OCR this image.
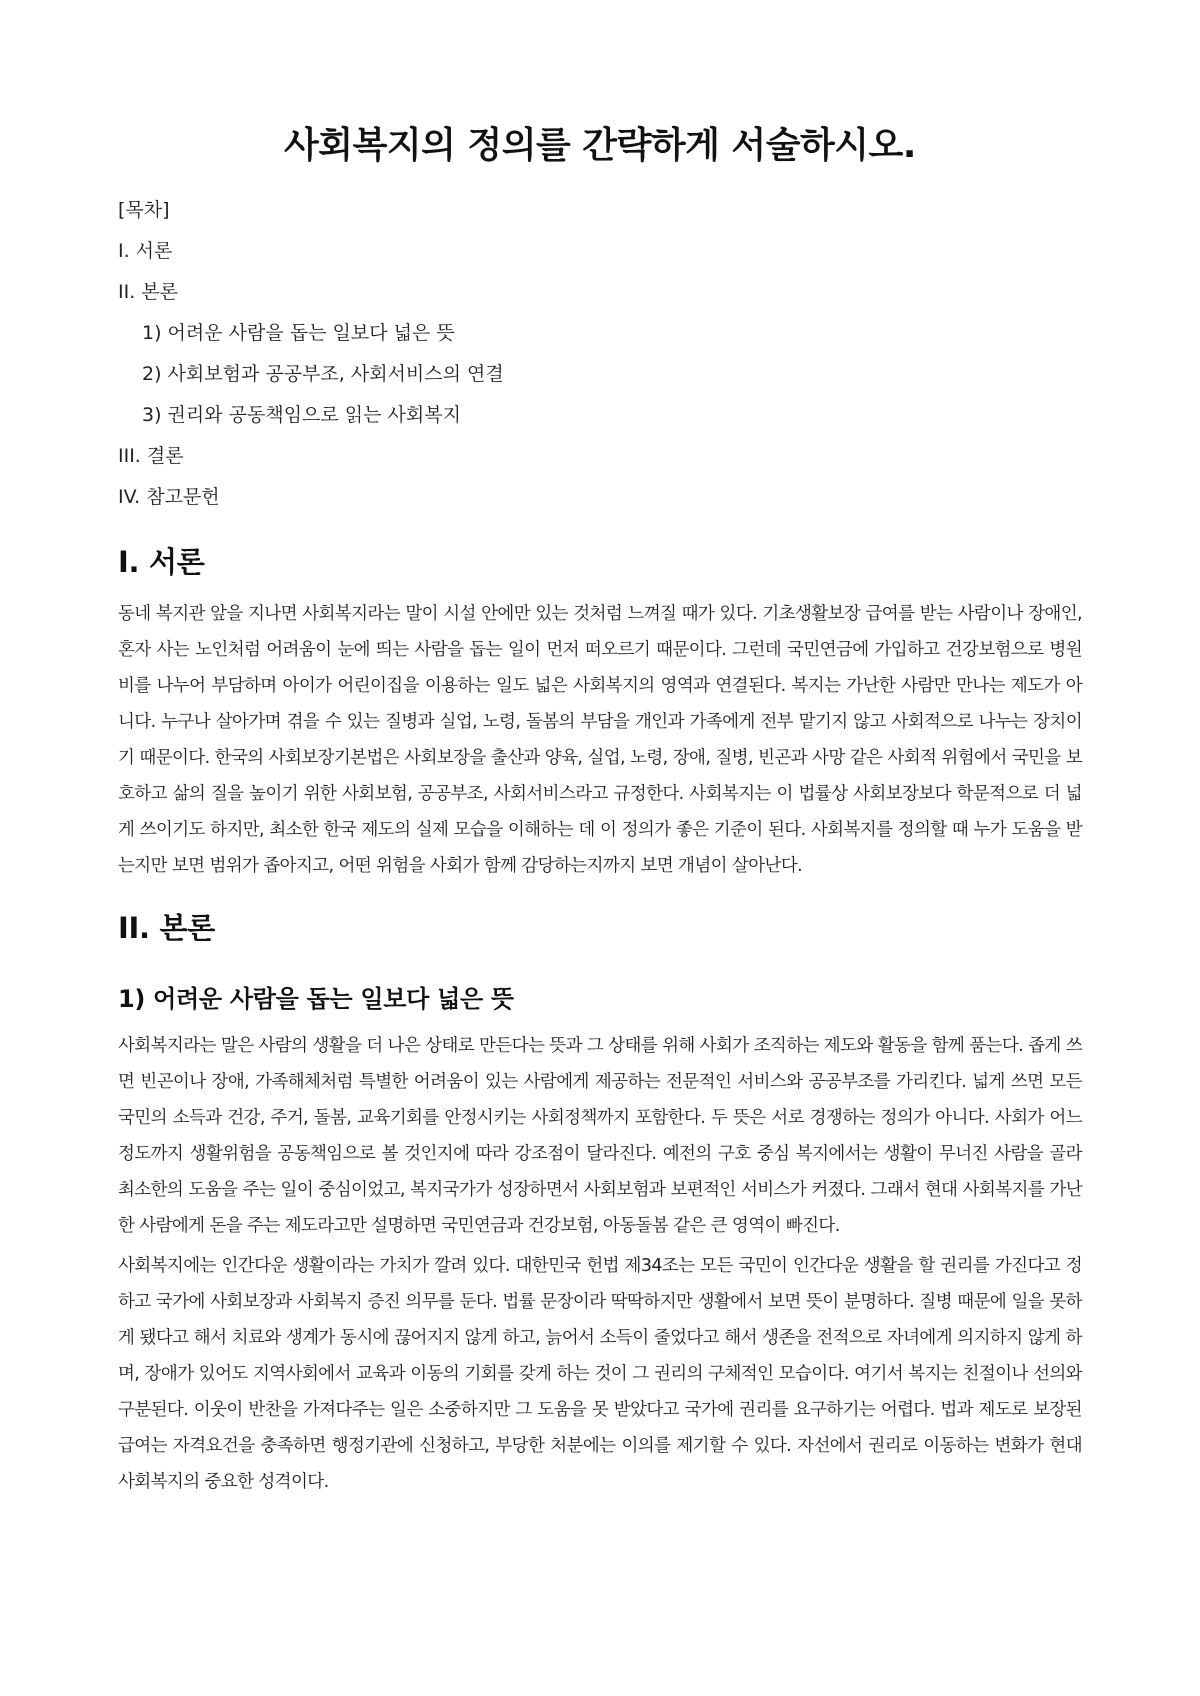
사회복지의 정의를 간략하게 서술하시오.
[목차]
I. 서론
II. 본론
1) 어려운 사람을 돕는 일보다 넓은 뜻
2) 사회보험과 공공부조, 사회서비스의 연결
3) 권리와 공동책임으로 읽는 사회복지
III. 결론
IV. 참고문헌
I. 서론

동네 복지관 앞을 지나면 사회복지라는 말이 시설 안에만 있는 것처럼 느껴질 때가 있다. 기초생활보장 급여를 받는 사람이나 장애인, 혼자 사는 노인처럼 어려움이 눈에 띄는 사람을 돕는 일이 먼저 떠오르기 때문이다. 그런데 국민연금에 가입하고 건강보험으로 병원비를 나누어 부담하며 아이가 어린이집을 이용하는 일도 넓은 사회복지의 영역과 연결된다. 복지는 가난한 사람만 만나는 제도가 아니다. 누구나 살아가며 겪을 수 있는 질병과 실업, 노령, 돌봄의 부담을 개인과 가족에게 전부 맡기지 않고 사회적으로 나누는 장치이기 때문이다. 한국의 사회보장기본법은 사회보장을 출산과 양육, 실업, 노령, 장애, 질병, 빈곤과 사망 같은 사회적 위험에서 국민을 보호하고 삶의 질을 높이기 위한 사회보험, 공공부조, 사회서비스라고 규정한다. 사회복지는 이 법률상 사회보장보다 학문적으로 더 넓게 쓰이기도 하지만, 최소한 한국 제도의 실제 모습을 이해하는 데 이 정의가 좋은 기준이 된다. 사회복지를 정의할 때 누가 도움을 받는지만 보면 범위가 좁아지고, 어떤 위험을 사회가 함께 감당하는지까지 보면 개념이 살아난다.

II. 본론
1) 어려운 사람을 돕는 일보다 넓은 뜻

사회복지라는 말은 사람의 생활을 더 나은 상태로 만든다는 뜻과 그 상태를 위해 사회가 조직하는 제도와 활동을 함께 품는다. 좁게 쓰면 빈곤이나 장애, 가족해체처럼 특별한 어려움이 있는 사람에게 제공하는 전문적인 서비스와 공공부조를 가리킨다. 넓게 쓰면 모든 국민의 소득과 건강, 주거, 돌봄, 교육기회를 안정시키는 사회정책까지 포함한다. 두 뜻은 서로 경쟁하는 정의가 아니다. 사회가 어느 정도까지 생활위험을 공동책임으로 볼 것인지에 따라 강조점이 달라진다. 예전의 구호 중심 복지에서는 생활이 무너진 사람을 골라 최소한의 도움을 주는 일이 중심이었고, 복지국가가 성장하면서 사회보험과 보편적인 서비스가 커졌다. 그래서 현대 사회복지를 가난한 사람에게 돈을 주는 제도라고만 설명하면 국민연금과 건강보험, 아동돌봄 같은 큰 영역이 빠진다.

사회복지에는 인간다운 생활이라는 가치가 깔려 있다. 대한민국 헌법 제34조는 모든 국민이 인간다운 생활을 할 권리를 가진다고 정하고 국가에 사회보장과 사회복지 증진 의무를 둔다. 법률 문장이라 딱딱하지만 생활에서 보면 뜻이 분명하다. 질병 때문에 일을 못하게 됐다고 해서 치료와 생계가 동시에 끊어지지 않게 하고, 늙어서 소득이 줄었다고 해서 생존을 전적으로 자녀에게 의지하지 않게 하며, 장애가 있어도 지역사회에서 교육과 이동의 기회를 갖게 하는 것이 그 권리의 구체적인 모습이다. 여기서 복지는 친절이나 선의와 구분된다. 이웃이 반찬을 가져다주는 일은 소중하지만 그 도움을 못 받았다고 국가에 권리를 요구하기는 어렵다. 법과 제도로 보장된 급여는 자격요건을 충족하면 행정기관에 신청하고, 부당한 처분에는 이의를 제기할 수 있다. 자선에서 권리로 이동하는 변화가 현대 사회복지의 중요한 성격이다.
